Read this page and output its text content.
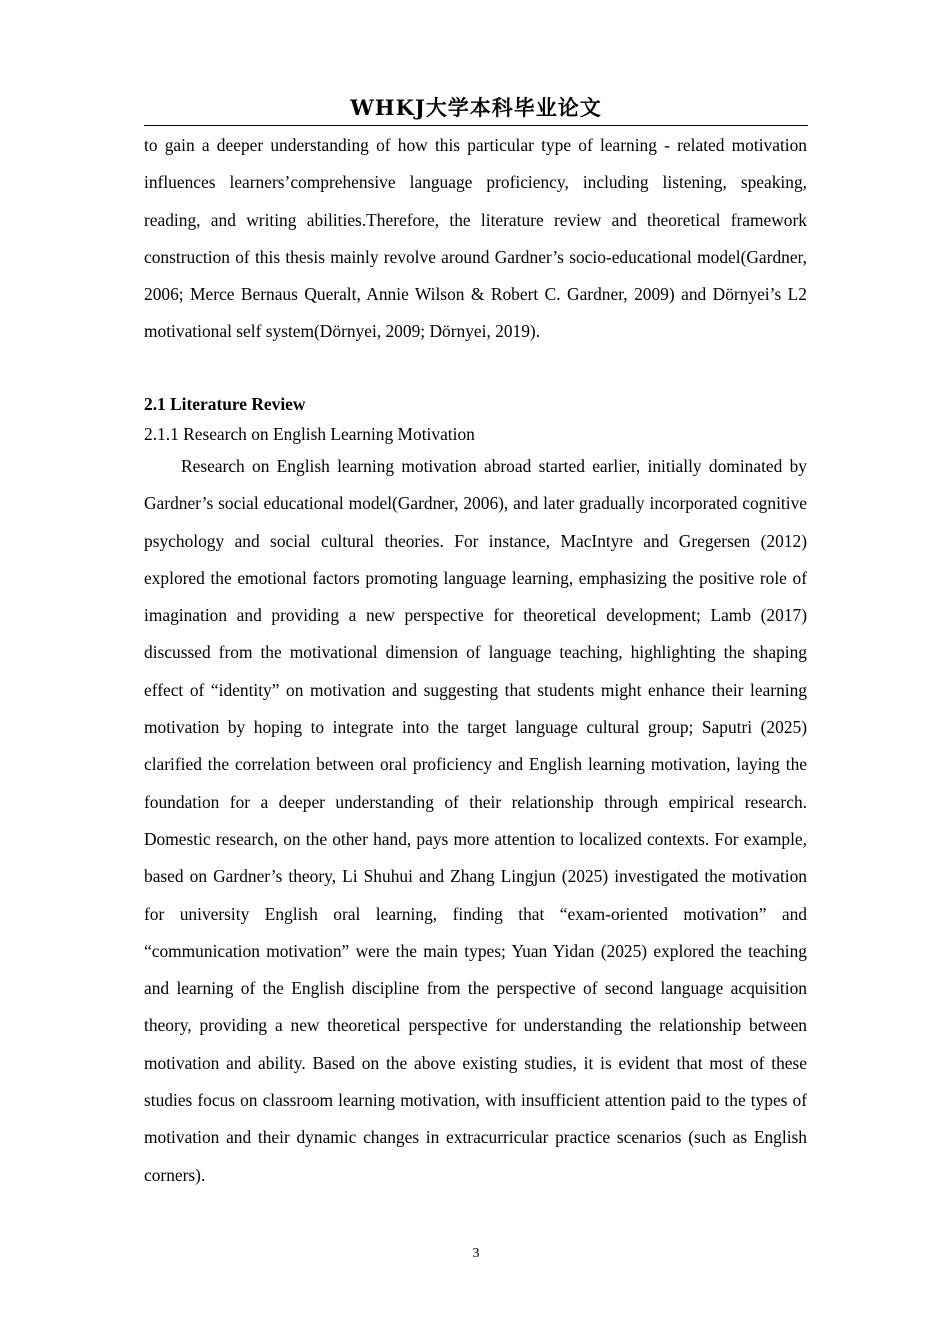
WHKJ大学本科毕业论文
to gain a deeper understanding of how this particular type of learning - related motivation influences learners’comprehensive language proficiency, including listening, speaking, reading, and writing abilities.Therefore, the literature review and theoretical framework construction of this thesis mainly revolve around Gardner’s socio-educational model(Gardner, 2006; Merce Bernaus Queralt, Annie Wilson & Robert C. Gardner, 2009) and Dörnyei’s L2 motivational self system(Dörnyei, 2009; Dörnyei, 2019).
2.1 Literature Review
2.1.1 Research on English Learning Motivation
Research on English learning motivation abroad started earlier, initially dominated by Gardner’s social educational model(Gardner, 2006), and later gradually incorporated cognitive psychology and social cultural theories. For instance, MacIntyre and Gregersen (2012) explored the emotional factors promoting language learning, emphasizing the positive role of imagination and providing a new perspective for theoretical development; Lamb (2017) discussed from the motivational dimension of language teaching, highlighting the shaping effect of “identity” on motivation and suggesting that students might enhance their learning motivation by hoping to integrate into the target language cultural group; Saputri (2025) clarified the correlation between oral proficiency and English learning motivation, laying the foundation for a deeper understanding of their relationship through empirical research. Domestic research, on the other hand, pays more attention to localized contexts. For example, based on Gardner’s theory, Li Shuhui and Zhang Lingjun (2025) investigated the motivation for university English oral learning, finding that “exam-oriented motivation” and “communication motivation” were the main types; Yuan Yidan (2025) explored the teaching and learning of the English discipline from the perspective of second language acquisition theory, providing a new theoretical perspective for understanding the relationship between motivation and ability. Based on the above existing studies, it is evident that most of these studies focus on classroom learning motivation, with insufficient attention paid to the types of motivation and their dynamic changes in extracurricular practice scenarios (such as English corners).
3
